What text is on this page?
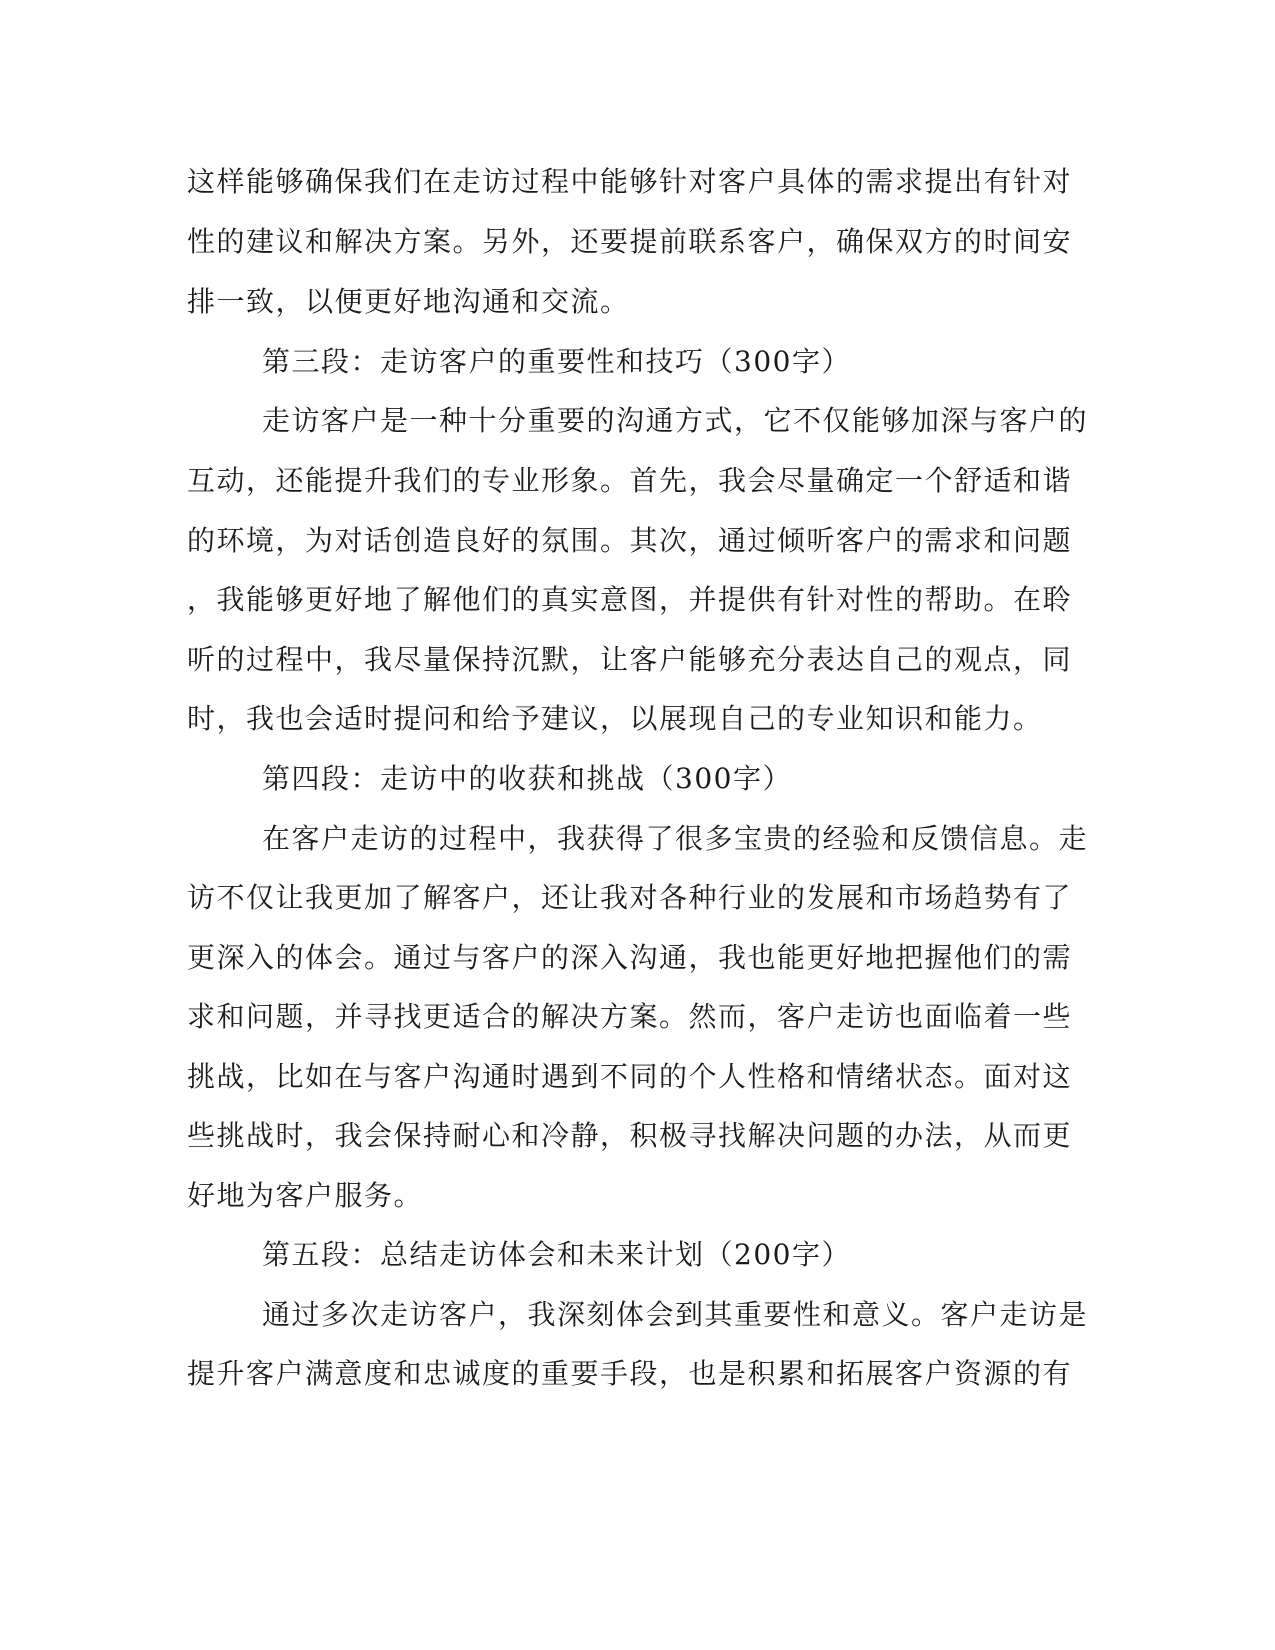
这样能够确保我们在走访过程中能够针对客户具体的需求提出有针对
性的建议和解决方案。另外，还要提前联系客户，确保双方的时间安
排一致，以便更好地沟通和交流。
第三段：走访客户的重要性和技巧（300字）
走访客户是一种十分重要的沟通方式，它不仅能够加深与客户的
互动，还能提升我们的专业形象。首先，我会尽量确定一个舒适和谐
的环境，为对话创造良好的氛围。其次，通过倾听客户的需求和问题
，我能够更好地了解他们的真实意图，并提供有针对性的帮助。在聆
听的过程中，我尽量保持沉默，让客户能够充分表达自己的观点，同
时，我也会适时提问和给予建议，以展现自己的专业知识和能力。
第四段：走访中的收获和挑战（300字）
在客户走访的过程中，我获得了很多宝贵的经验和反馈信息。走
访不仅让我更加了解客户，还让我对各种行业的发展和市场趋势有了
更深入的体会。通过与客户的深入沟通，我也能更好地把握他们的需
求和问题，并寻找更适合的解决方案。然而，客户走访也面临着一些
挑战，比如在与客户沟通时遇到不同的个人性格和情绪状态。面对这
些挑战时，我会保持耐心和冷静，积极寻找解决问题的办法，从而更
好地为客户服务。
第五段：总结走访体会和未来计划（200字）
通过多次走访客户，我深刻体会到其重要性和意义。客户走访是
提升客户满意度和忠诚度的重要手段，也是积累和拓展客户资源的有
